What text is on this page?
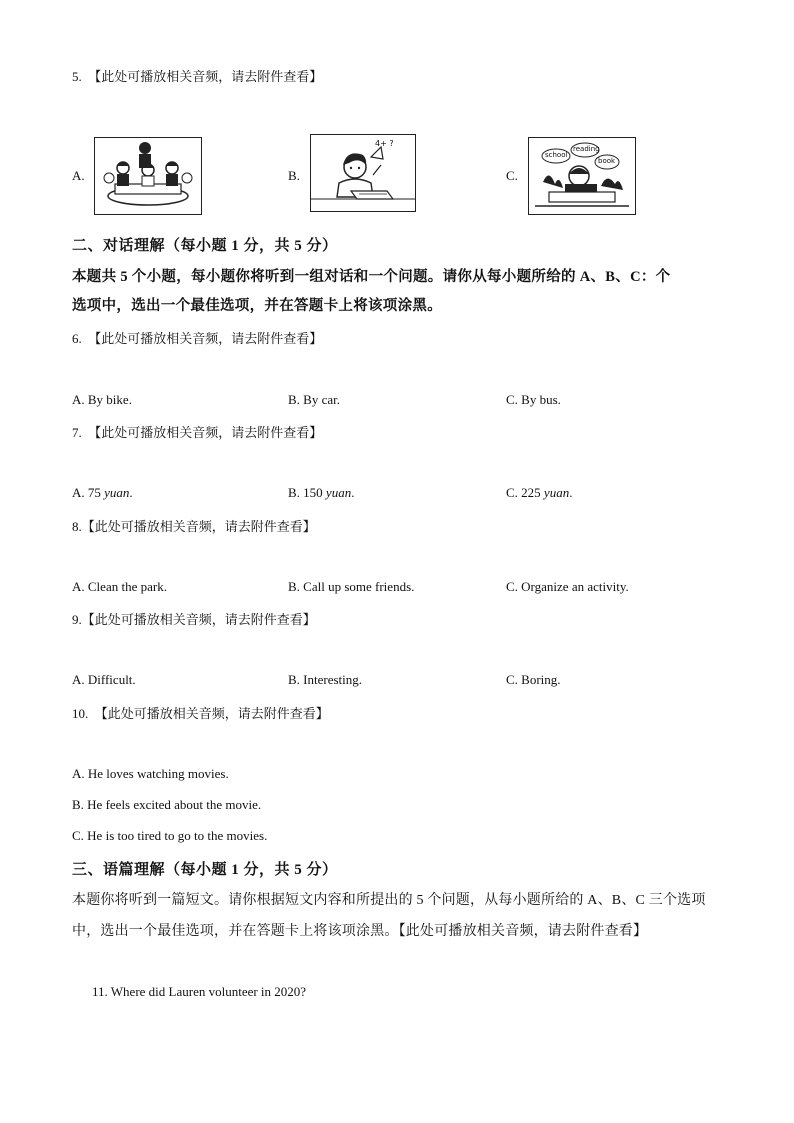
5.　【此处可播放相关音频，请去附件查看】
A.	B.
4+ ?
C.
school
reading
book
二、对话理解（每小题 1 分，共 5 分）
本题共 5 个小题，每小题你将听到一组对话和一个问题。请你从每小题所给的 A、B、C：个
选项中，选出一个最佳选项，并在答题卡上将该项涂黑。
6.　【此处可播放相关音频，请去附件查看】
A. By bike.	B. By car.	C. By bus.
7.　【此处可播放相关音频，请去附件查看】
A. 75 yuan.	B. 150 yuan.	C. 225 yuan.
8.【此处可播放相关音频，请去附件查看】
A. Clean the park.	B. Call up some friends.	C. Organize an activity.
9.【此处可播放相关音频，请去附件查看】
A. Difficult.	B. Interesting.	C. Boring.
10.　【此处可播放相关音频，请去附件查看】
A. He loves watching movies.
B. He feels excited about the movie.
C. He is too tired to go to the movies.
三、语篇理解（每小题 1 分，共 5 分）
本题你将听到一篇短文。请你根据短文内容和所提出的 5 个问题，从每小题所给的 A、B、C 三个选项
中，选出一个最佳选项，并在答题卡上将该项涂黑。【此处可播放相关音频，请去附件查看】
11. Where did Lauren volunteer in 2020?
